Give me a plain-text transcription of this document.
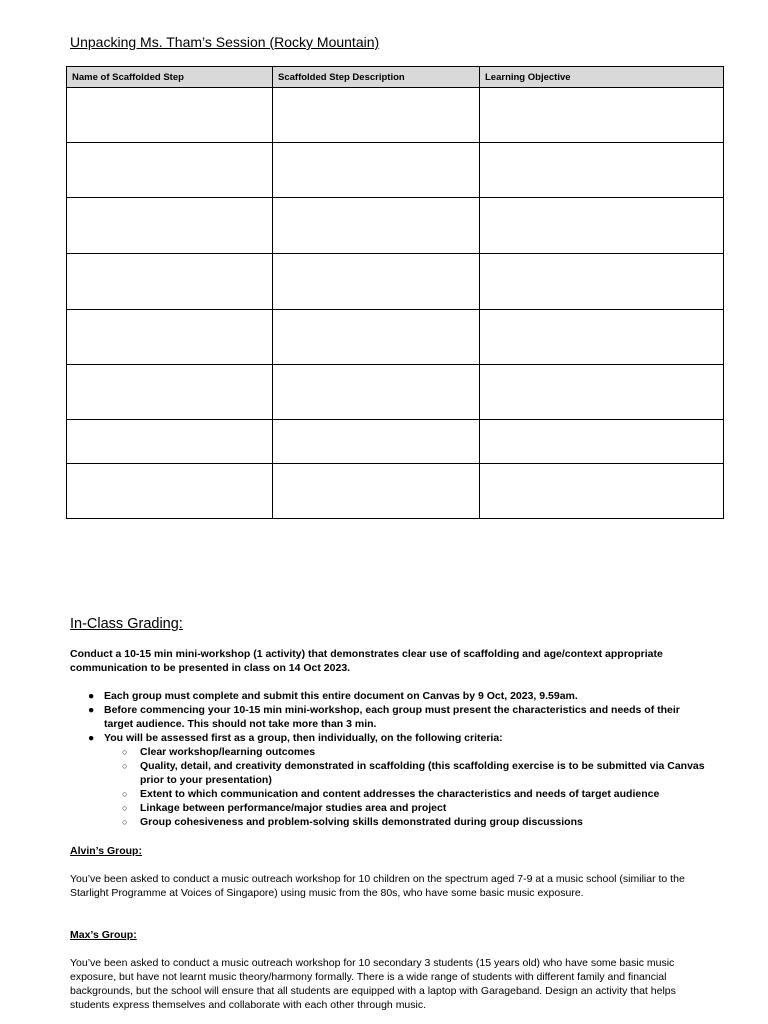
Unpacking Ms. Tham’s Session (Rocky Mountain)
Name of Scaffolded Step	Scaffolded Step Description	Learning Objective

In-Class Grading:

Conduct a 10-15 min mini-workshop (1 activity) that demonstrates clear use of scaffolding and age/context appropriate communication to be presented in class on 14 Oct 2023.

● Each group must complete and submit this entire document on Canvas by 9 Oct, 2023, 9.59am.
● Before commencing your 10-15 min mini-workshop, each group must present the characteristics and needs of their target audience. This should not take more than 3 min.
● You will be assessed first as a group, then individually, on the following criteria:
○ Clear workshop/learning outcomes
○ Quality, detail, and creativity demonstrated in scaffolding (this scaffolding exercise is to be submitted via Canvas prior to your presentation)
○ Extent to which communication and content addresses the characteristics and needs of target audience
○ Linkage between performance/major studies area and project
○ Group cohesiveness and problem-solving skills demonstrated during group discussions
Alvin’s Group:

You’ve been asked to conduct a music outreach workshop for 10 children on the spectrum aged 7-9 at a music school (similiar to the Starlight Programme at Voices of Singapore) using music from the 80s, who have some basic music exposure.

Max’s Group:

You’ve been asked to conduct a music outreach workshop for 10 secondary 3 students (15 years old) who have some basic music exposure, but have not learnt music theory/harmony formally. There is a wide range of students with different family and financial backgrounds, but the school will ensure that all students are equipped with a laptop with Garageband. Design an activity that helps students express themselves and collaborate with each other through music.
